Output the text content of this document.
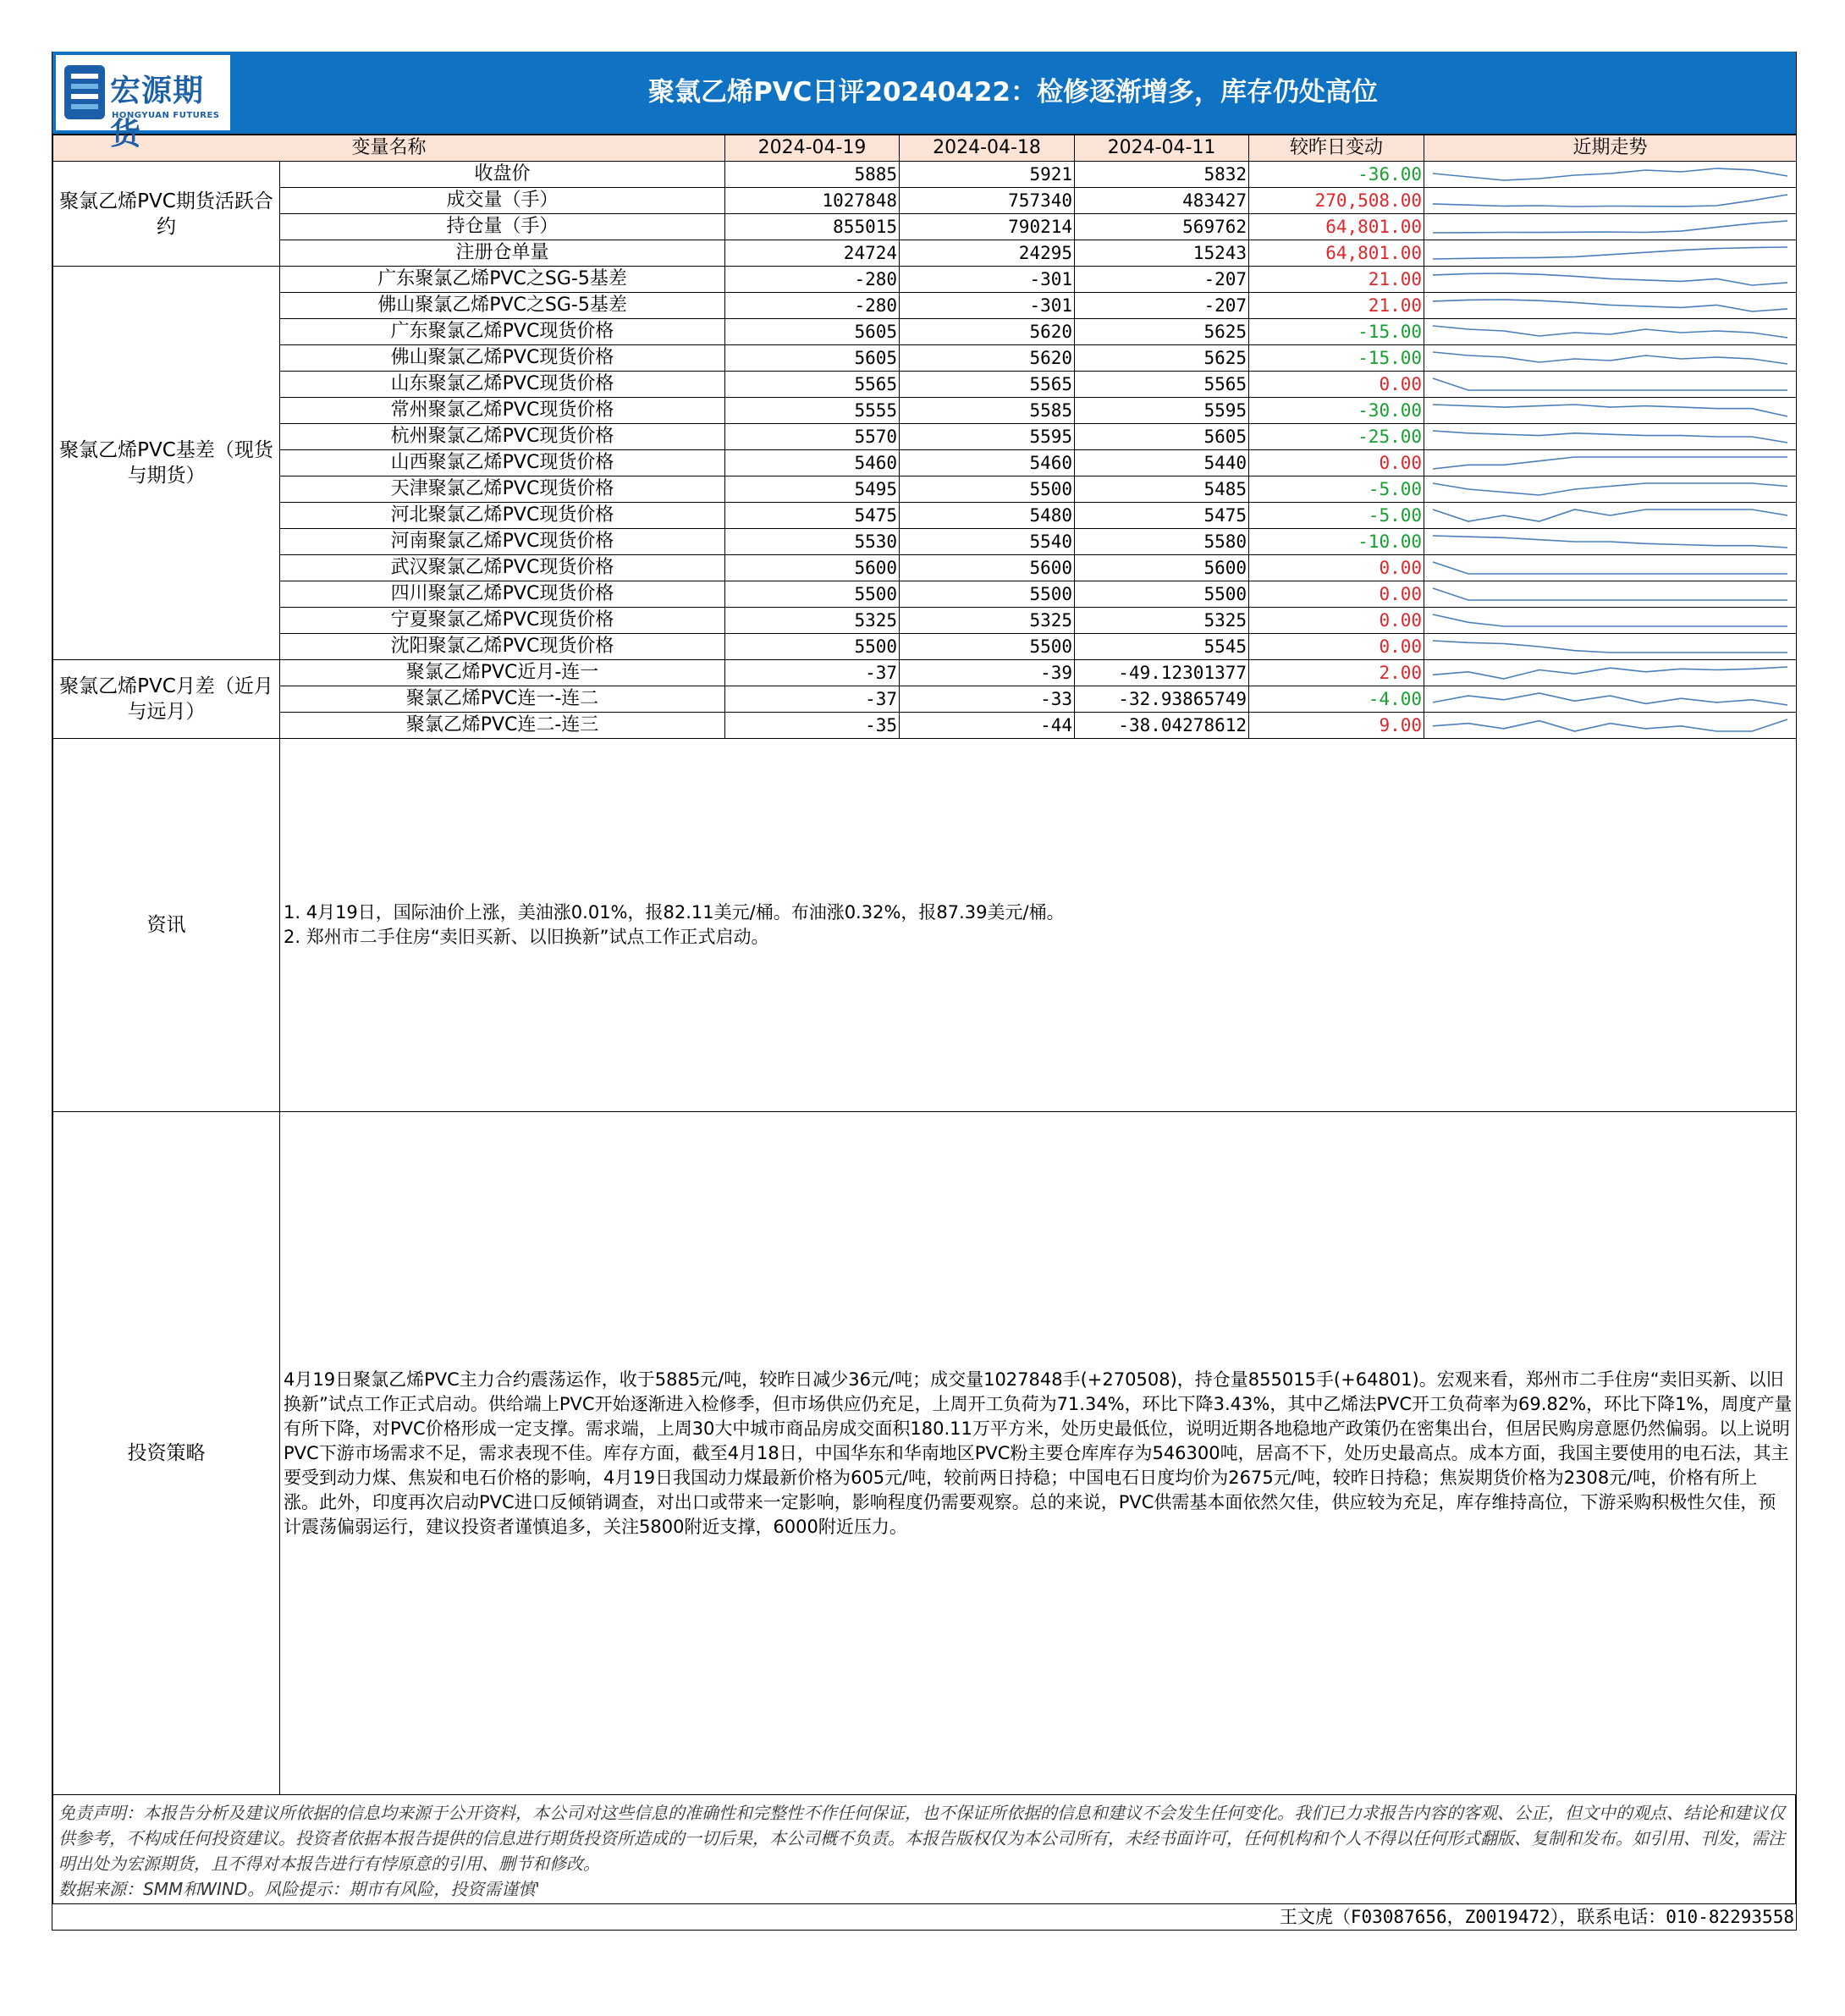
宏源期货
HONGYUAN FUTURES
聚氯乙烯PVC日评20240422：检修逐渐增多，库存仍处高位
变量名称		2024-04-19	2024-04-18	2024-04-11	较昨日变动	近期走势
聚氯乙烯PVC期货活跃合约	收盘价	5885	5921	5832	-36.00	

	成交量（手）	1027848	757340	483427	270,508.00	

	持仓量（手）	855015	790214	569762	64,801.00	

	注册仓单量	24724	24295	15243	64,801.00	

聚氯乙烯PVC基差（现货与期货）	广东聚氯乙烯PVC之SG-5基差	-280	-301	-207	21.00	

	佛山聚氯乙烯PVC之SG-5基差	-280	-301	-207	21.00	

	广东聚氯乙烯PVC现货价格	5605	5620	5625	-15.00	

	佛山聚氯乙烯PVC现货价格	5605	5620	5625	-15.00	

	山东聚氯乙烯PVC现货价格	5565	5565	5565	0.00	

	常州聚氯乙烯PVC现货价格	5555	5585	5595	-30.00	

	杭州聚氯乙烯PVC现货价格	5570	5595	5605	-25.00	

	山西聚氯乙烯PVC现货价格	5460	5460	5440	0.00	

	天津聚氯乙烯PVC现货价格	5495	5500	5485	-5.00	

	河北聚氯乙烯PVC现货价格	5475	5480	5475	-5.00	

	河南聚氯乙烯PVC现货价格	5530	5540	5580	-10.00	

	武汉聚氯乙烯PVC现货价格	5600	5600	5600	0.00	

	四川聚氯乙烯PVC现货价格	5500	5500	5500	0.00	

	宁夏聚氯乙烯PVC现货价格	5325	5325	5325	0.00	

	沈阳聚氯乙烯PVC现货价格	5500	5500	5545	0.00	

聚氯乙烯PVC月差（近月与远月）	聚氯乙烯PVC近月-连一	-37	-39	-49.12301377	2.00	

	聚氯乙烯PVC连一-连二	-37	-33	-32.93865749	-4.00	

	聚氯乙烯PVC连二-连三	-35	-44	-38.04278612	9.00	

资讯	1. 4月19日，国际油价上涨，美油涨0.01%，报82.11美元/桶。布油涨0.32%，报87.39美元/桶。
2. 郑州市二手住房“卖旧买新、以旧换新”试点工作正式启动。					

投资策略	4月19日聚氯乙烯PVC主力合约震荡运作，收于5885元/吨，较昨日减少36元/吨；成交量1027848手(+270508)，持仓量855015手(+64801)。宏观来看，郑州市二手住房“卖旧买新、以旧换新”试点工作正式启动。供给端上PVC开始逐渐进入检修季，但市场供应仍充足，上周开工负荷为71.34%，环比下降3.43%，其中乙烯法PVC开工负荷率为69.82%，环比下降1%，周度产量有所下降，对PVC价格形成一定支撑。需求端，上周30大中城市商品房成交面积180.11万平方米，处历史最低位，说明近期各地稳地产政策仍在密集出台，但居民购房意愿仍然偏弱。以上说明PVC下游市场需求不足，需求表现不佳。库存方面，截至4月18日，中国华东和华南地区PVC粉主要仓库库存为546300吨，居高不下，处历史最高点。成本方面，我国主要使用的电石法，其主要受到动力煤、焦炭和电石价格的影响，4月19日我国动力煤最新价格为605元/吨，较前两日持稳；中国电石日度均价为2675元/吨，较昨日持稳；焦炭期货价格为2308元/吨，价格有所上涨。此外，印度再次启动PVC进口反倾销调查，对出口或带来一定影响，影响程度仍需要观察。总的来说，PVC供需基本面依然欠佳，供应较为充足，库存维持高位，下游采购积极性欠佳，预计震荡偏弱运行，建议投资者谨慎追多，关注5800附近支撑，6000附近压力。					
免责声明：本报告分析及建议所依据的信息均来源于公开资料，本公司对这些信息的准确性和完整性不作任何保证，也不保证所依据的信息和建议不会发生任何变化。我们已力求报告内容的客观、公正，但文中的观点、结论和建议仅供参考，不构成任何投资建议。投资者依据本报告提供的信息进行期货投资所造成的一切后果，本公司概不负责。本报告版权仅为本公司所有，未经书面许可，任何机构和个人不得以任何形式翻版、复制和发布。如引用、刊发，需注明出处为宏源期货，且不得对本报告进行有悖原意的引用、删节和修改。
数据来源：SMM和WIND。风险提示：期市有风险，投资需谨慎'
王文虎（F03087656，Z0019472），联系电话：010-82293558
